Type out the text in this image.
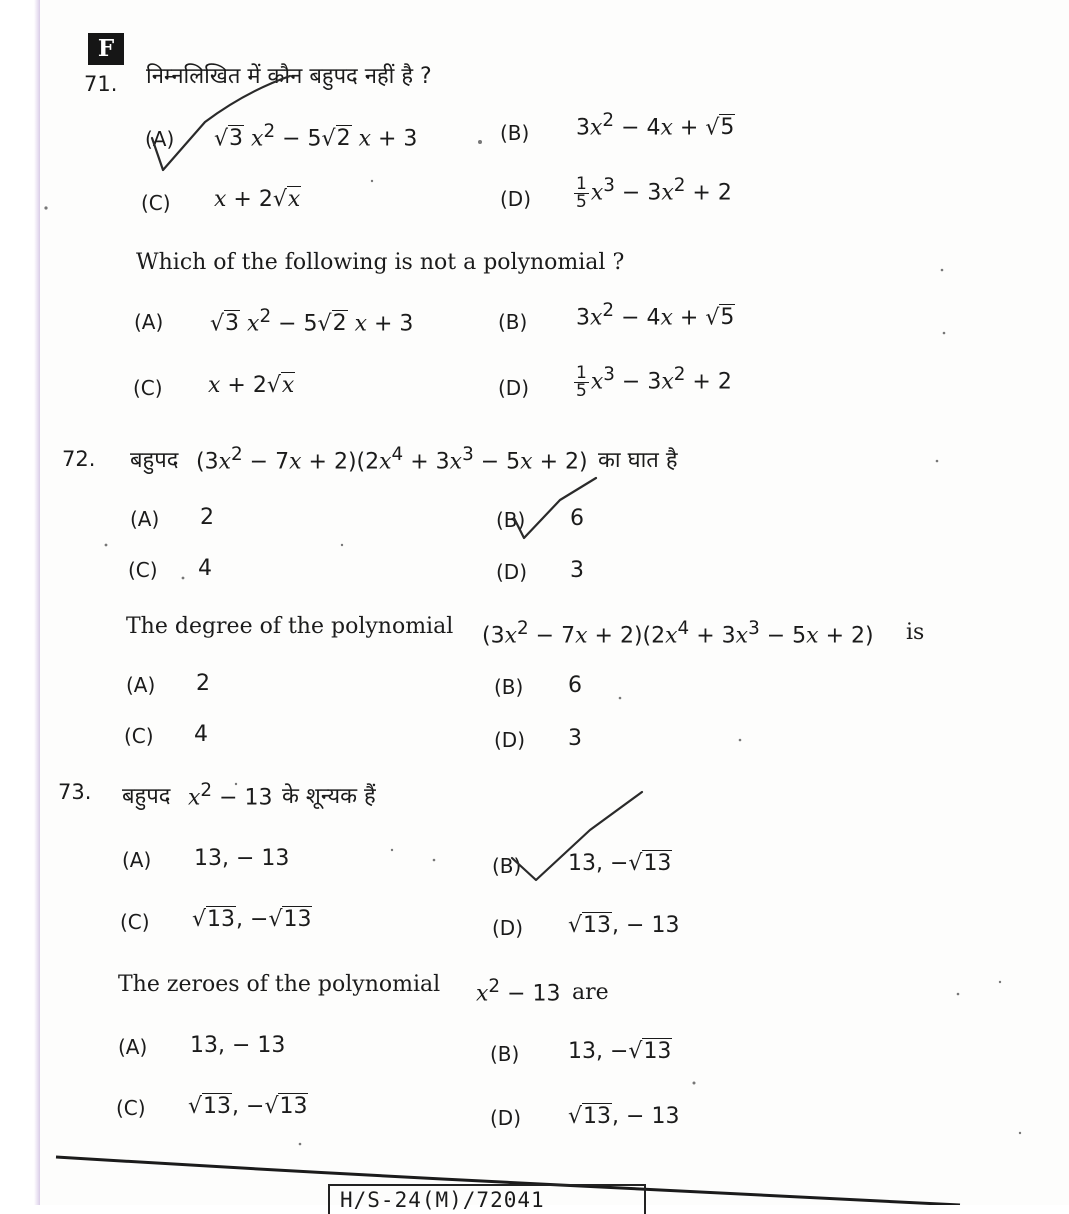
F
71. निम्नलिखित में कौन बहुपद नहीं है ?
(A) √3 $x^2 - 5√2$ x + 3	(B) $3x^2 - 4x + √5$
(C) x + 2√x	(D)	$\frac{1}{5} x^3 - 3x^2 + 2$
Which of the following is not a polynomial ?
(A) √3 $x^2 - 5√2$ x + 3	(B) $3x^2 - 4x + √5$
(C) x + 2√x	(D)	$\frac{1}{5} x^3 - 3x^2 + 2$
72. बहुपद $(3x^2 - 7x + 2)(2x^4 + 3x^3 - 5x + 2)$ का घात है
(A) 2	(B) 6
(C) 4	(D) 3
The degree of the polynomial $(3x^2 - 7x + 2)(2x^4 + 3x^3 - 5x + 2)$ is
(A) 2	(B) 6
(C) 4	(D) 3
73. बहुपद $x^2 - 13$ के शून्यक हैं
(A) 13, − 13	(B) 13, −√13
(C) √13, −√13	(D) √13, − 13
The zeroes of the polynomial $x^2 - 13$ are
(A) 13, − 13	(B) 13, −√13
(C) √13, −√13	(D) √13, − 13
H/S-24(M)/72041
